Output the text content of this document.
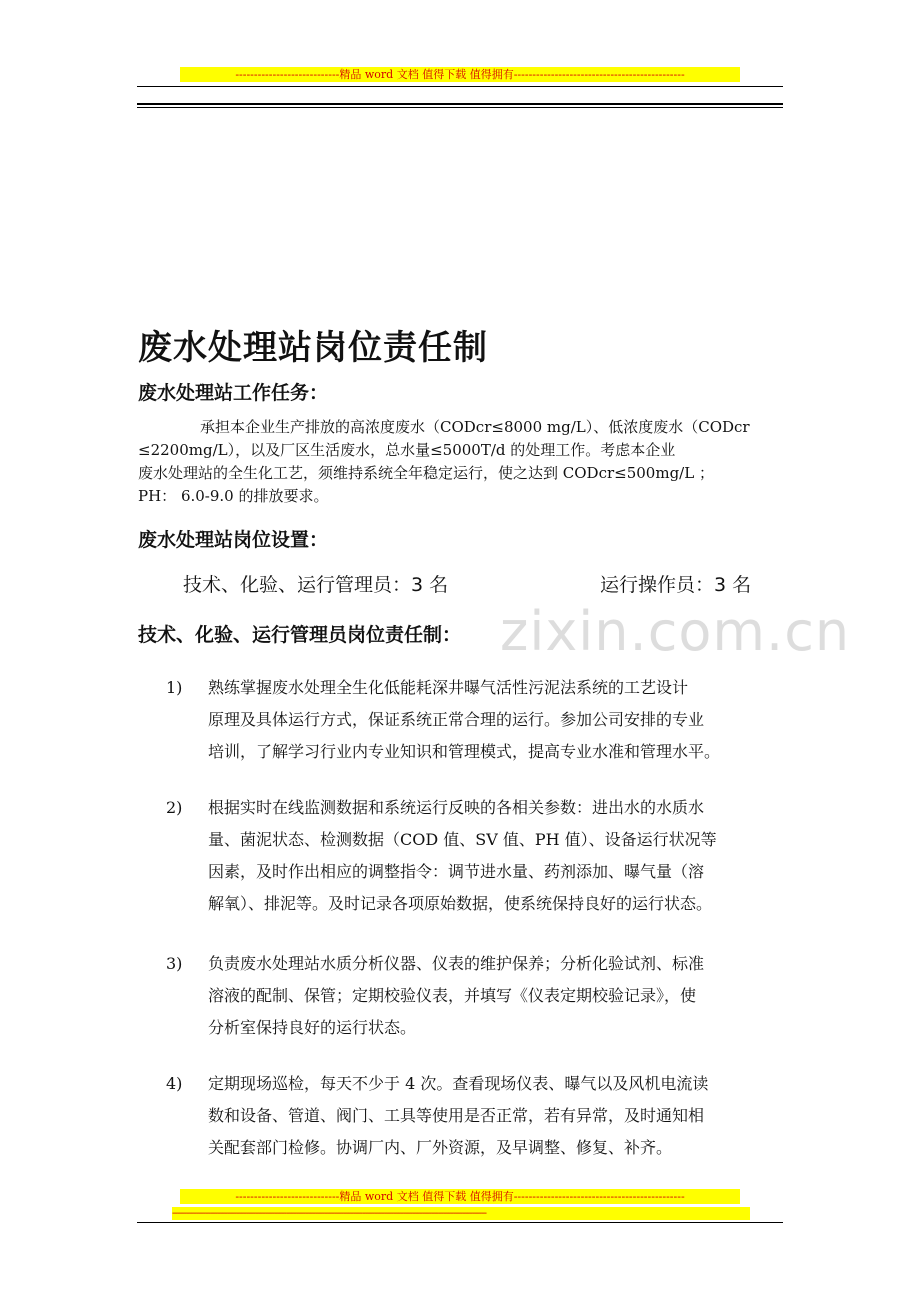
----------------------------精品 word 文档 值得下载 值得拥有----------------------------------------------
zixin.com.cn
废水处理站岗位责任制
废水处理站工作任务：
承担本企业生产排放的高浓度废水（CODcr≤8000 mg/L）、低浓度废水（CODcr
≤2200mg/L），以及厂区生活废水，总水量≤5000T/d 的处理工作。考虑本企业
废水处理站的全生化工艺，须维持系统全年稳定运行，使之达到 CODcr≤500mg/L ；
PH： 6.0-9.0 的排放要求。
废水处理站岗位设置：
技术、化验、运行管理员：3 名	运行操作员：3 名
技术、化验、运行管理员岗位责任制：
1)	熟练掌握废水处理全生化低能耗深井曝气活性污泥法系统的工艺设计
原理及具体运行方式，保证系统正常合理的运行。参加公司安排的专业
培训，了解学习行业内专业知识和管理模式，提高专业水准和管理水平。
2)	根据实时在线监测数据和系统运行反映的各相关参数：进出水的水质水
量、菌泥状态、检测数据（COD 值、SV 值、PH 值）、设备运行状况等
因素，及时作出相应的调整指令：调节进水量、药剂添加、曝气量（溶
解氧）、排泥等。及时记录各项原始数据，使系统保持良好的运行状态。
3)	负责废水处理站水质分析仪器、仪表的维护保养；分析化验试剂、标准
溶液的配制、保管；定期校验仪表，并填写《仪表定期校验记录》，使
分析室保持良好的运行状态。
4)	定期现场巡检，每天不少于 4 次。查看现场仪表、曝气以及风机电流读
数和设备、管道、阀门、工具等使用是否正常，若有异常，及时通知相
关配套部门检修。协调厂内、厂外资源，及早调整、修复、补齐。
----------------------------精品 word 文档 值得下载 值得拥有----------------------------------------------
------------------------------------------------------------------------------------------------------------------------------------
